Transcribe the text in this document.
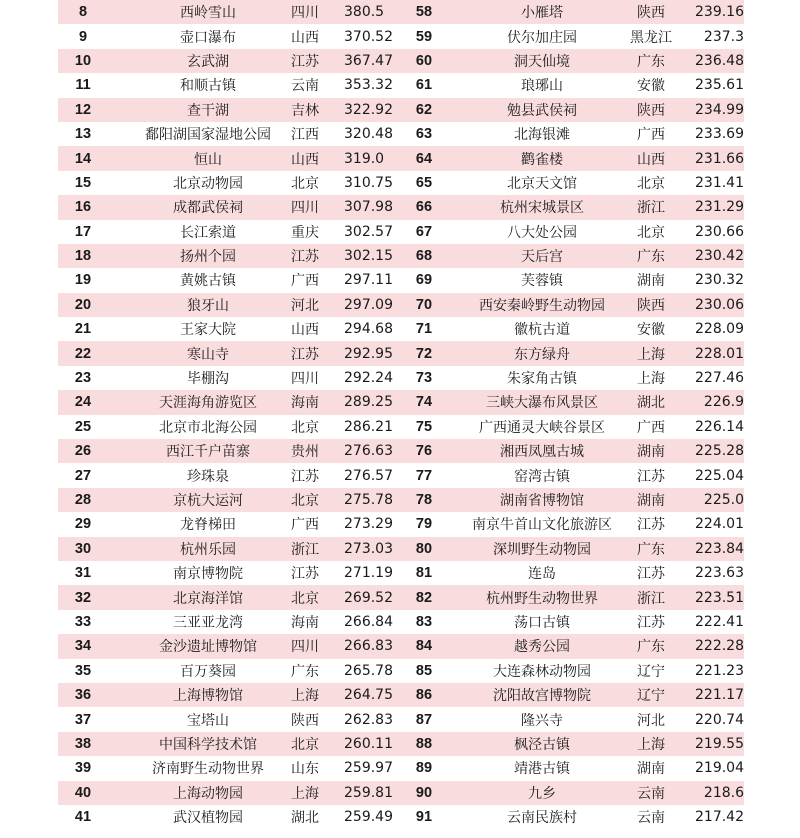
8	西岭雪山	四川	380.5	58	小雁塔	陕西	239.16
9	壶口瀑布	山西	370.52	59	伏尔加庄园	黑龙江	237.3
10	玄武湖	江苏	367.47	60	洞天仙境	广东	236.48
11	和顺古镇	云南	353.32	61	琅琊山	安徽	235.61
12	查干湖	吉林	322.92	62	勉县武侯祠	陕西	234.99
13	鄱阳湖国家湿地公园	江西	320.48	63	北海银滩	广西	233.69
14	恒山	山西	319.0	64	鹳雀楼	山西	231.66
15	北京动物园	北京	310.75	65	北京天文馆	北京	231.41
16	成都武侯祠	四川	307.98	66	杭州宋城景区	浙江	231.29
17	长江索道	重庆	302.57	67	八大处公园	北京	230.66
18	扬州个园	江苏	302.15	68	天后宫	广东	230.42
19	黄姚古镇	广西	297.11	69	芙蓉镇	湖南	230.32
20	狼牙山	河北	297.09	70	西安秦岭野生动物园	陕西	230.06
21	王家大院	山西	294.68	71	徽杭古道	安徽	228.09
22	寒山寺	江苏	292.95	72	东方绿舟	上海	228.01
23	毕棚沟	四川	292.24	73	朱家角古镇	上海	227.46
24	天涯海角游览区	海南	289.25	74	三峡大瀑布风景区	湖北	226.9
25	北京市北海公园	北京	286.21	75	广西通灵大峡谷景区	广西	226.14
26	西江千户苗寨	贵州	276.63	76	湘西凤凰古城	湖南	225.28
27	珍珠泉	江苏	276.57	77	窑湾古镇	江苏	225.04
28	京杭大运河	北京	275.78	78	湖南省博物馆	湖南	225.0
29	龙脊梯田	广西	273.29	79	南京牛首山文化旅游区	江苏	224.01
30	杭州乐园	浙江	273.03	80	深圳野生动物园	广东	223.84
31	南京博物院	江苏	271.19	81	连岛	江苏	223.63
32	北京海洋馆	北京	269.52	82	杭州野生动物世界	浙江	223.51
33	三亚亚龙湾	海南	266.84	83	荡口古镇	江苏	222.41
34	金沙遗址博物馆	四川	266.83	84	越秀公园	广东	222.28
35	百万葵园	广东	265.78	85	大连森林动物园	辽宁	221.23
36	上海博物馆	上海	264.75	86	沈阳故宫博物院	辽宁	221.17
37	宝塔山	陕西	262.83	87	隆兴寺	河北	220.74
38	中国科学技术馆	北京	260.11	88	枫泾古镇	上海	219.55
39	济南野生动物世界	山东	259.97	89	靖港古镇	湖南	219.04
40	上海动物园	上海	259.81	90	九乡	云南	218.6
41	武汉植物园	湖北	259.49	91	云南民族村	云南	217.42
